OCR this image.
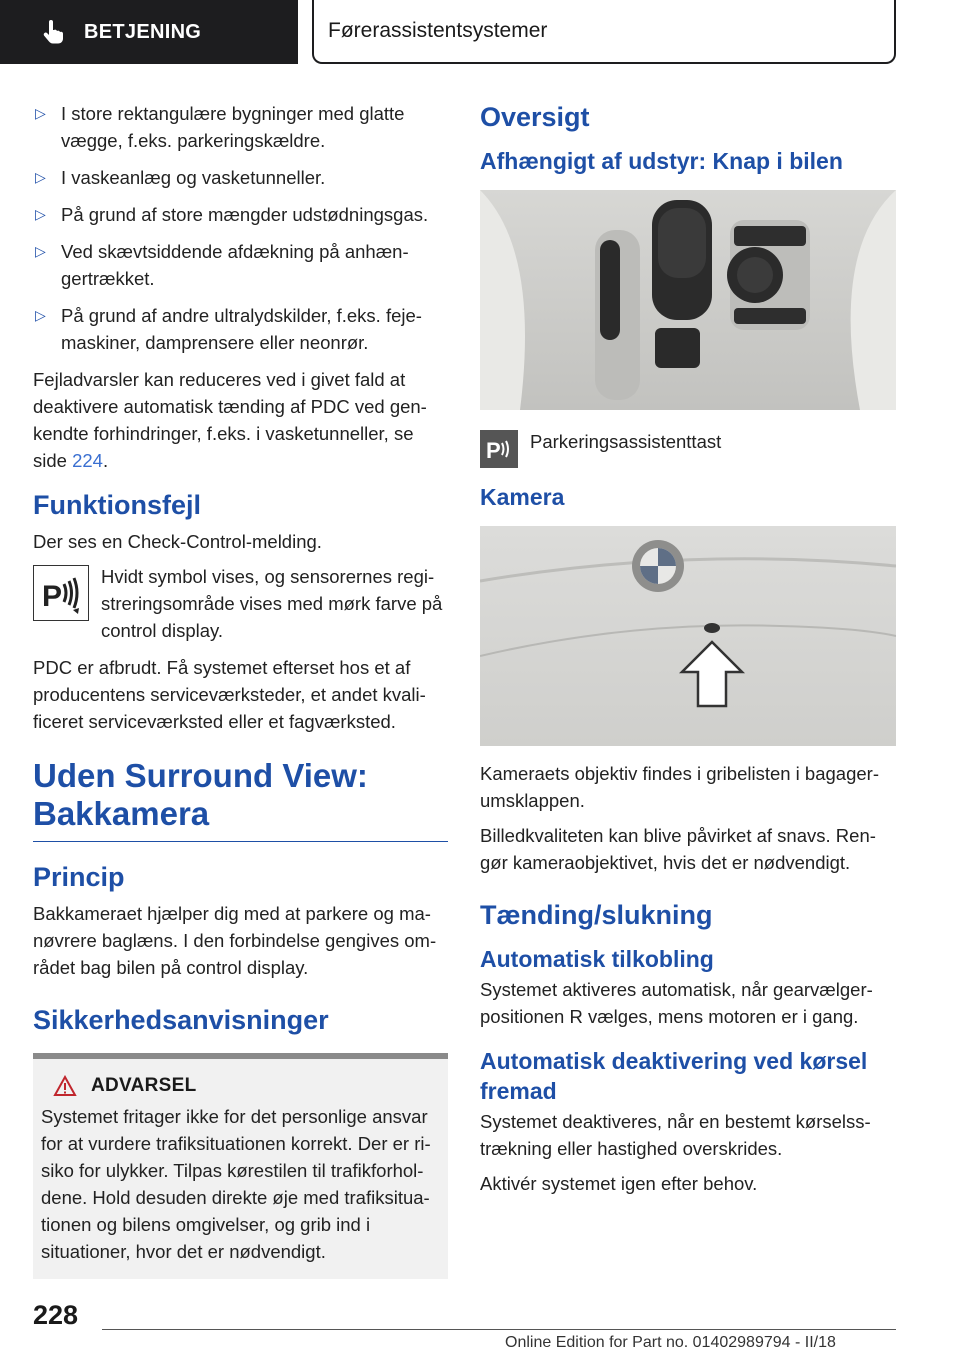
BETJENING	Førerassistentsystemer
▷ I store rektangulære bygninger med glatte vægge, f.eks. parkeringskældre.
▷ I vaskeanlæg og vasketunneller.
▷ På grund af store mængder udstødningsgas.
▷ Ved skævtsiddende afdækning på anhæn-gertrækket.
▷ På grund af andre ultralydskilder, f.eks. feje-maskiner, damprensere eller neonrør.

Fejladvarsler kan reduceres ved i givet fald at deaktivere automatisk tænding af PDC ved gen-kendte forhindringer, f.eks. i vasketunneller, se side 224.

Funktionsfejl

Der ses en Check-Control-melding.

P
Hvidt symbol vises, og sensorernes regi-streringsområde vises med mørk farve på control display.

PDC er afbrudt. Få systemet efterset hos et af producentens serviceværksteder, et andet kvali-ficeret serviceværksted eller et fagværksted.

Uden Surround View:
Bakkamera
Princip

Bakkameraet hjælper dig med at parkere og ma-nøvrere baglæns. I den forbindelse gengives om-rådet bag bilen på control display.

Sikkerhedsanvisninger
ADVARSEL

Systemet fritager ikke for det personlige ansvar for at vurdere trafiksituationen korrekt. Der er ri-siko for ulykker. Tilpas kørestilen til trafikforhol-dene. Hold desuden direkte øje med trafiksitua-tionen og bilens omgivelser, og grib ind i situationer, hvor det er nødvendigt.

Oversigt
Afhængigt af udstyr: Knap i bilen
P Parkeringsassistenttast
Kamera

Kameraets objektiv findes i gribelisten i bagager-umsklappen.

Billedkvaliteten kan blive påvirket af snavs. Ren-gør kameraobjektivet, hvis det er nødvendigt.

Tænding/slukning
Automatisk tilkobling

Systemet aktiveres automatisk, når gearvælger-positionen R vælges, mens motoren er i gang.

Automatisk deaktivering ved kørsel fremad

Systemet deaktiveres, når en bestemt kørselss-trækning eller hastighed overskrides.

Aktivér systemet igen efter behov.

228
Online Edition for Part no. 01402989794 - II/18
